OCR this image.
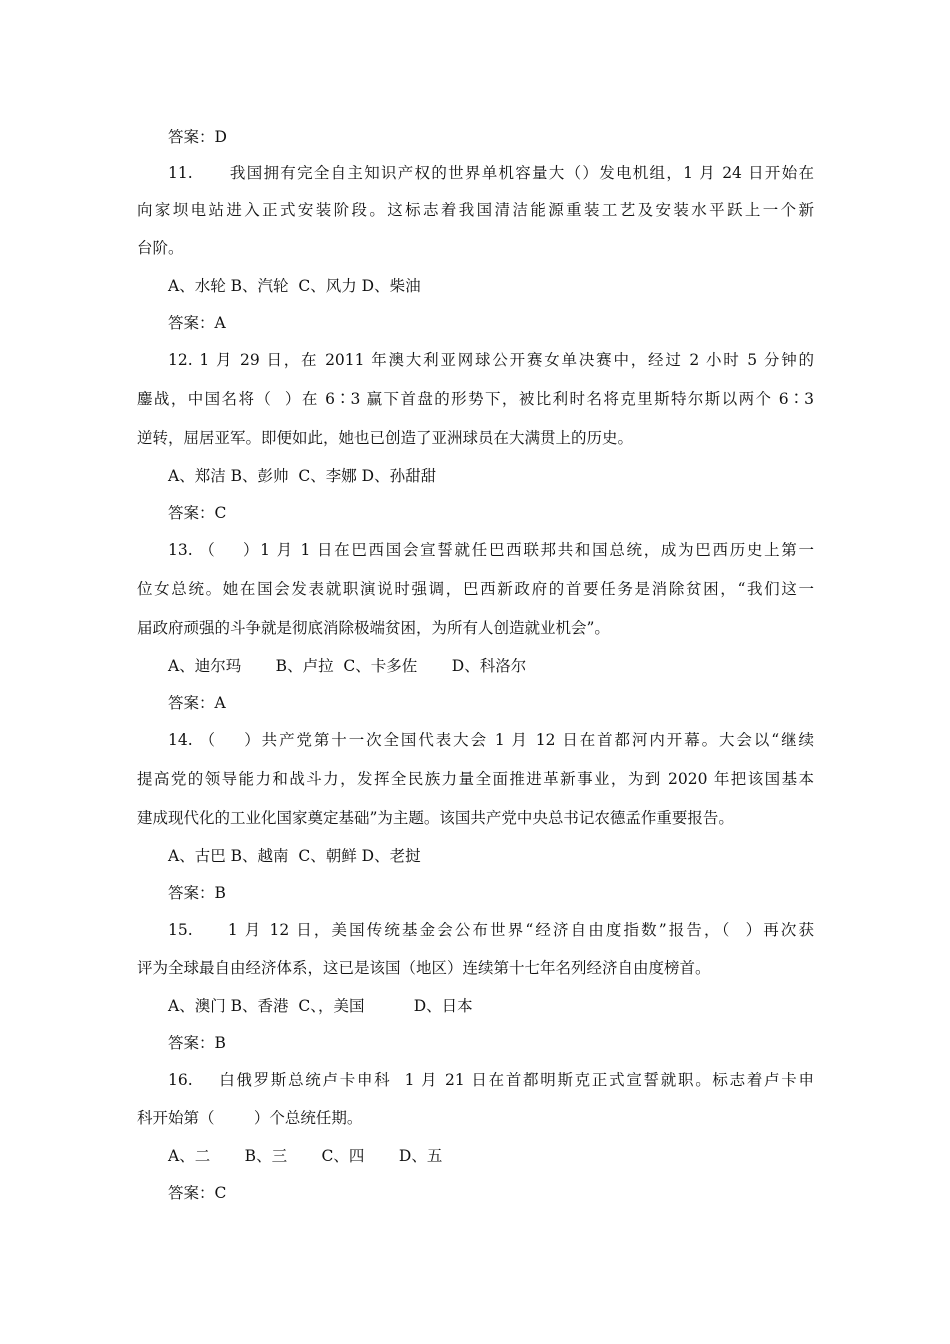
答案：D
11.      我国拥有完全自主知识产权的世界单机容量大（）发电机组，1 月 24 日开始在
向家坝电站进入正式安装阶段。这标志着我国清洁能源重装工艺及安装水平跃上一个新
台阶。
A、水轮 B、汽轮  C、风力 D、柴油
答案：A
12. 1 月 29 日，在 2011 年澳大利亚网球公开赛女单决赛中，经过 2 小时 5 分钟的
鏖战，中国名将（  ）在 6∶3 赢下首盘的形势下，被比利时名将克里斯特尔斯以两个 6∶3
逆转，屈居亚军。即便如此，她也已创造了亚洲球员在大满贯上的历史。
A、郑洁 B、彭帅  C、李娜 D、孙甜甜
答案：C
13. （    ）1 月 1 日在巴西国会宣誓就任巴西联邦共和国总统，成为巴西历史上第一
位女总统。她在国会发表就职演说时强调，巴西新政府的首要任务是消除贫困，“我们这一
届政府顽强的斗争就是彻底消除极端贫困，为所有人创造就业机会”。
A、迪尔玛       B、卢拉  C、卡多佐       D、科洛尔
答案：A
14. （    ）共产党第十一次全国代表大会 1 月 12 日在首都河内开幕。大会以“继续
提高党的领导能力和战斗力，发挥全民族力量全面推进革新事业，为到 2020 年把该国基本
建成现代化的工业化国家奠定基础”为主题。该国共产党中央总书记农德孟作重要报告。
A、古巴 B、越南  C、朝鲜 D、老挝
答案：B
15.     1 月 12 日，美国传统基金会公布世界“经济自由度指数”报告，（  ）再次获
评为全球最自由经济体系，这已是该国（地区）连续第十七年名列经济自由度榜首。
A、澳门 B、香港  C、，美国          D、日本
答案：B
16.    白俄罗斯总统卢卡申科  1 月 21 日在首都明斯克正式宣誓就职。标志着卢卡申
科开始第（        ）个总统任期。
A、二       B、三       C、四       D、五
答案：C
